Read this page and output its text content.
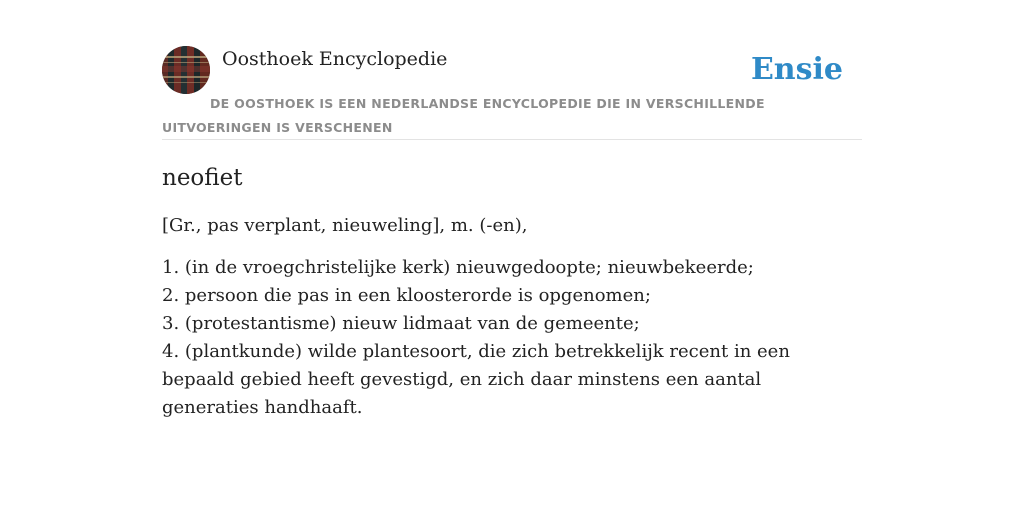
Oosthoek Encyclopedie	Ensie
DE OOSTHOEK IS EEN NEDERLANDSE ENCYCLOPEDIE DIE IN VERSCHILLENDE UITVOERINGEN IS VERSCHENEN
neofiet

[Gr., pas verplant, nieuweling], m. (-en),

1. (in de vroegchristelijke kerk) nieuwgedoopte; nieuwbekeerde;
2. persoon die pas in een kloosterorde is opgenomen;
3. (protestantisme) nieuw lidmaat van de gemeente;
4. (plantkunde) wilde plantesoort, die zich betrekkelijk recent in een bepaald gebied heeft gevestigd, en zich daar minstens een aantal generaties handhaaft.
